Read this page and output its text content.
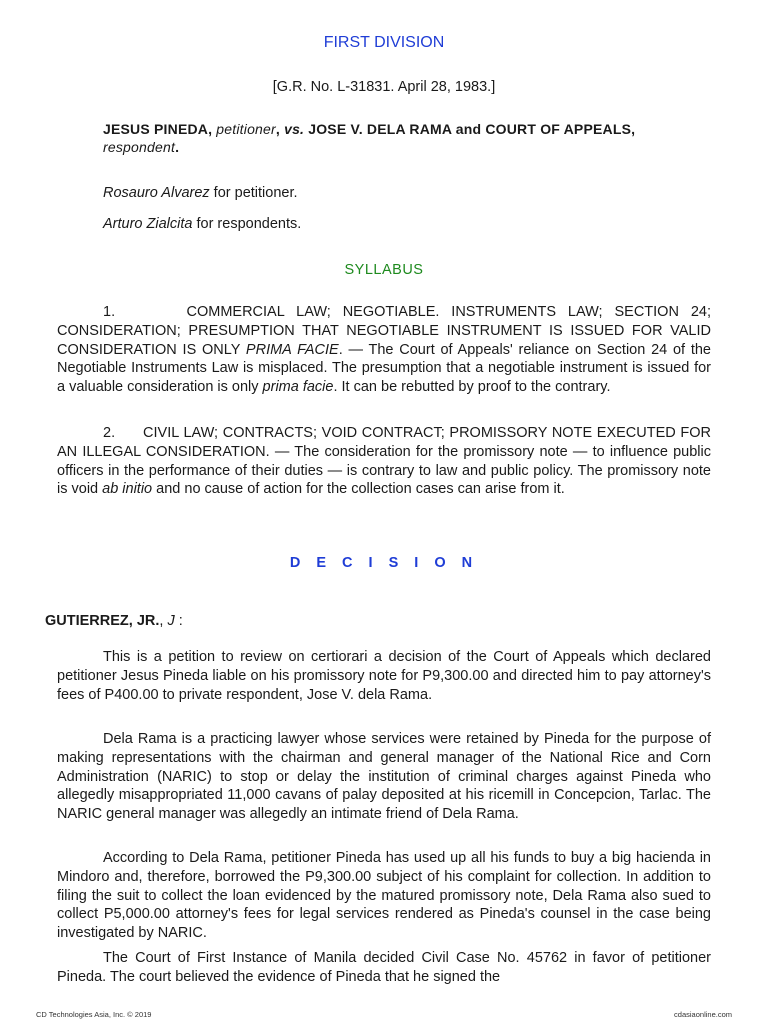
FIRST DIVISION
[G.R. No. L-31831. April 28, 1983.]
JESUS PINEDA, petitioner, vs. JOSE V. DELA RAMA and COURT OF APPEALS, respondent.
Rosauro Alvarez for petitioner.
Arturo Zialcita for respondents.
SYLLABUS
1.      COMMERCIAL LAW; NEGOTIABLE. INSTRUMENTS LAW; SECTION 24; CONSIDERATION; PRESUMPTION THAT NEGOTIABLE INSTRUMENT IS ISSUED FOR VALID CONSIDERATION IS ONLY PRIMA FACIE. — The Court of Appeals' reliance on Section 24 of the Negotiable Instruments Law is misplaced. The presumption that a negotiable instrument is issued for a valuable consideration is only prima facie. It can be rebutted by proof to the contrary.
2.      CIVIL LAW; CONTRACTS; VOID CONTRACT; PROMISSORY NOTE EXECUTED FOR AN ILLEGAL CONSIDERATION. — The consideration for the promissory note — to influence public officers in the performance of their duties — is contrary to law and public policy. The promissory note is void ab initio and no cause of action for the collection cases can arise from it.
D E C I S I O N
GUTIERREZ, JR., J :
This is a petition to review on certiorari a decision of the Court of Appeals which declared petitioner Jesus Pineda liable on his promissory note for P9,300.00 and directed him to pay attorney's fees of P400.00 to private respondent, Jose V. dela Rama.
Dela Rama is a practicing lawyer whose services were retained by Pineda for the purpose of making representations with the chairman and general manager of the National Rice and Corn Administration (NARIC) to stop or delay the institution of criminal charges against Pineda who allegedly misappropriated 11,000 cavans of palay deposited at his ricemill in Concepcion, Tarlac. The NARIC general manager was allegedly an intimate friend of Dela Rama.
According to Dela Rama, petitioner Pineda has used up all his funds to buy a big hacienda in Mindoro and, therefore, borrowed the P9,300.00 subject of his complaint for collection. In addition to filing the suit to collect the loan evidenced by the matured promissory note, Dela Rama also sued to collect P5,000.00 attorney's fees for legal services rendered as Pineda's counsel in the case being investigated by NARIC.
The Court of First Instance of Manila decided Civil Case No. 45762 in favor of petitioner Pineda. The court believed the evidence of Pineda that he signed the
CD Technologies Asia, Inc. © 2019	cdasiaonline.com
